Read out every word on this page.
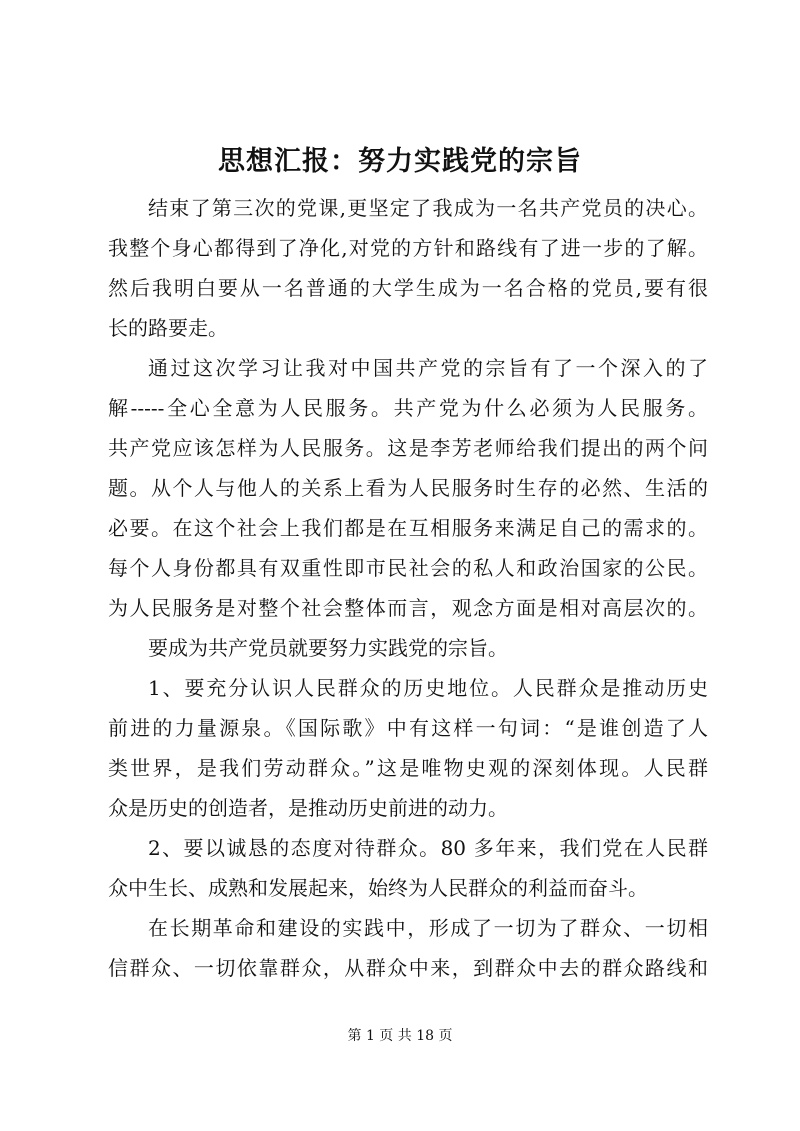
思想汇报：努力实践党的宗旨
结束了第三次的党课,更坚定了我成为一名共产党员的决心。
我整个身心都得到了净化,对党的方针和路线有了进一步的了解。
然后我明白要从一名普通的大学生成为一名合格的党员,要有很
长的路要走。
通过这次学习让我对中国共产党的宗旨有了一个深入的了
解-----全心全意为人民服务。共产党为什么必须为人民服务。
共产党应该怎样为人民服务。这是李芳老师给我们提出的两个问
题。从个人与他人的关系上看为人民服务时生存的必然、生活的
必要。在这个社会上我们都是在互相服务来满足自己的需求的。
每个人身份都具有双重性即市民社会的私人和政治国家的公民。
为人民服务是对整个社会整体而言，观念方面是相对高层次的。
要成为共产党员就要努力实践党的宗旨。
1、要充分认识人民群众的历史地位。人民群众是推动历史
前进的力量源泉。《国际歌》中有这样一句词：“是谁创造了人
类世界，是我们劳动群众。”这是唯物史观的深刻体现。人民群
众是历史的创造者，是推动历史前进的动力。
2、要以诚恳的态度对待群众。80 多年来，我们党在人民群
众中生长、成熟和发展起来，始终为人民群众的利益而奋斗。
在长期革命和建设的实践中，形成了一切为了群众、一切相
信群众、一切依靠群众，从群众中来，到群众中去的群众路线和
第 1 页 共 18 页
